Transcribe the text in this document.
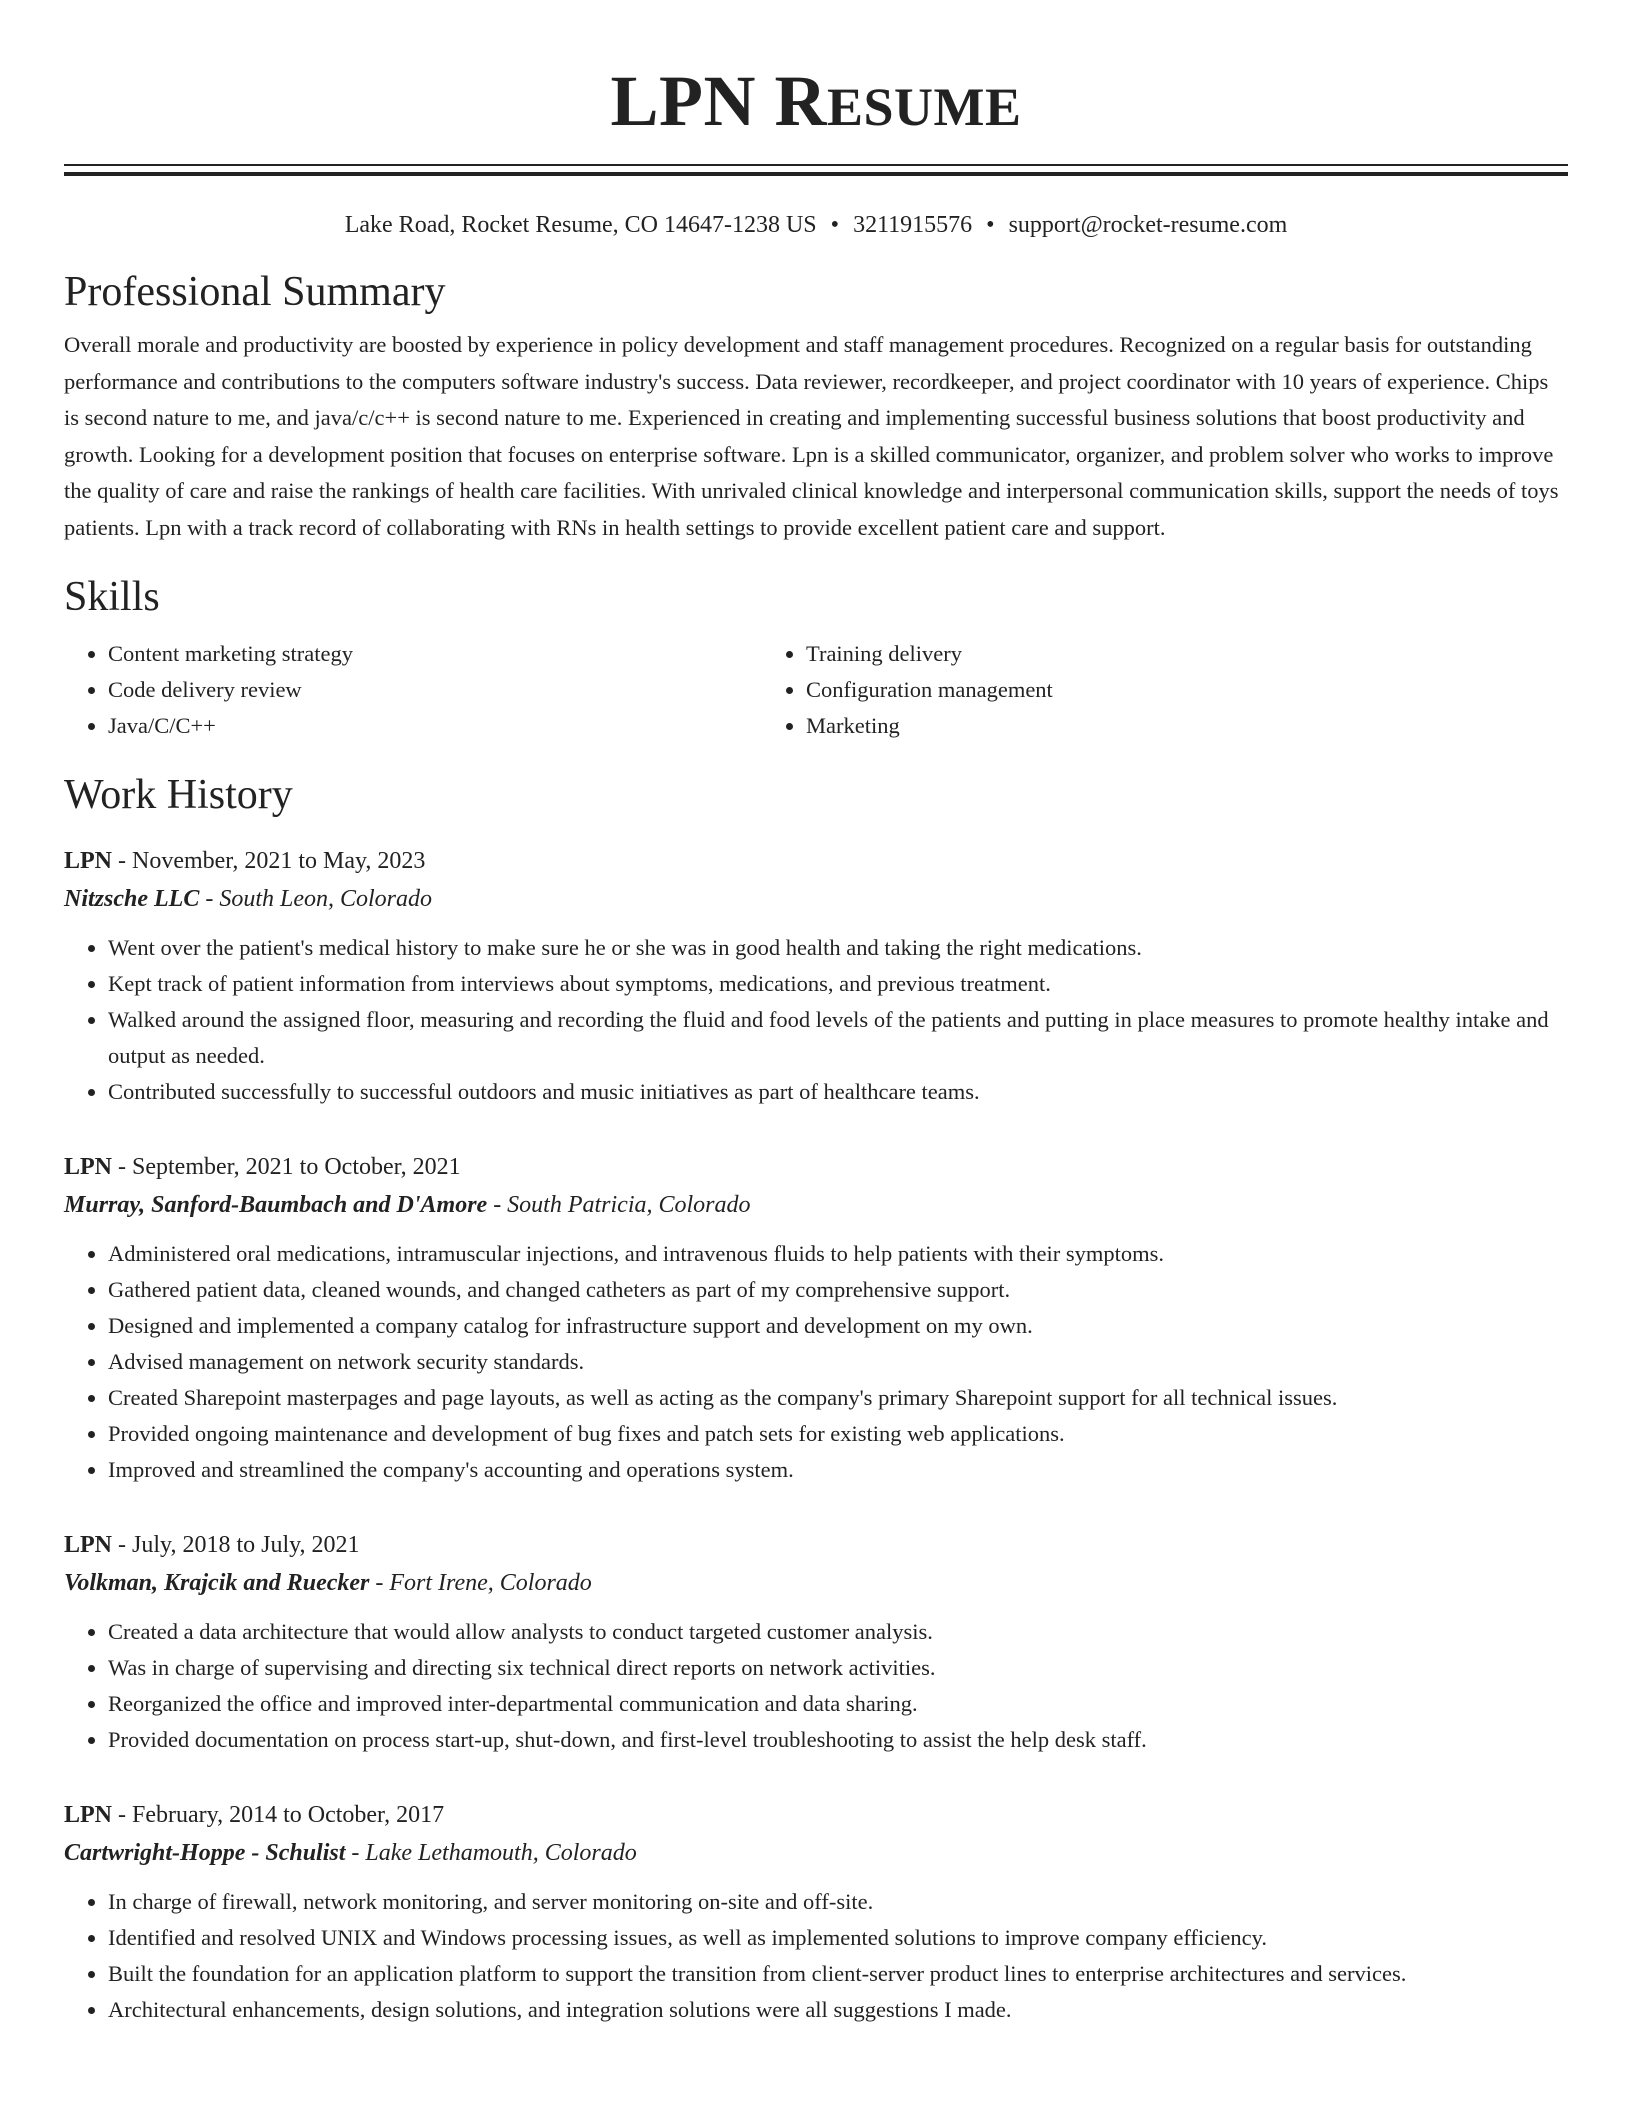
LPN RESUME
Lake Road, Rocket Resume, CO 14647-1238 US • 3211915576 • support@rocket-resume.com
Professional Summary

Overall morale and productivity are boosted by experience in policy development and staff management procedures. Recognized on a regular basis for outstanding performance and contributions to the computers software industry's success. Data reviewer, recordkeeper, and project coordinator with 10 years of experience. Chips is second nature to me, and java/c/c++ is second nature to me. Experienced in creating and implementing successful business solutions that boost productivity and growth. Looking for a development position that focuses on enterprise software. Lpn is a skilled communicator, organizer, and problem solver who works to improve the quality of care and raise the rankings of health care facilities. With unrivaled clinical knowledge and interpersonal communication skills, support the needs of toys patients. Lpn with a track record of collaborating with RNs in health settings to provide excellent patient care and support.

Skills
• Content marketing strategy
• Code delivery review
• Java/C/C++
• Training delivery
• Configuration management
• Marketing
Work History
LPN - November, 2021 to May, 2023
Nitzsche LLC - South Leon, Colorado
• Went over the patient's medical history to make sure he or she was in good health and taking the right medications.
• Kept track of patient information from interviews about symptoms, medications, and previous treatment.
• Walked around the assigned floor, measuring and recording the fluid and food levels of the patients and putting in place measures to promote healthy intake and output as needed.
• Contributed successfully to successful outdoors and music initiatives as part of healthcare teams.
LPN - September, 2021 to October, 2021
Murray, Sanford-Baumbach and D'Amore - South Patricia, Colorado
• Administered oral medications, intramuscular injections, and intravenous fluids to help patients with their symptoms.
• Gathered patient data, cleaned wounds, and changed catheters as part of my comprehensive support.
• Designed and implemented a company catalog for infrastructure support and development on my own.
• Advised management on network security standards.
• Created Sharepoint masterpages and page layouts, as well as acting as the company's primary Sharepoint support for all technical issues.
• Provided ongoing maintenance and development of bug fixes and patch sets for existing web applications.
• Improved and streamlined the company's accounting and operations system.
LPN - July, 2018 to July, 2021
Volkman, Krajcik and Ruecker - Fort Irene, Colorado
• Created a data architecture that would allow analysts to conduct targeted customer analysis.
• Was in charge of supervising and directing six technical direct reports on network activities.
• Reorganized the office and improved inter-departmental communication and data sharing.
• Provided documentation on process start-up, shut-down, and first-level troubleshooting to assist the help desk staff.
LPN - February, 2014 to October, 2017
Cartwright-Hoppe - Schulist - Lake Lethamouth, Colorado
• In charge of firewall, network monitoring, and server monitoring on-site and off-site.
• Identified and resolved UNIX and Windows processing issues, as well as implemented solutions to improve company efficiency.
• Built the foundation for an application platform to support the transition from client-server product lines to enterprise architectures and services.
• Architectural enhancements, design solutions, and integration solutions were all suggestions I made.
